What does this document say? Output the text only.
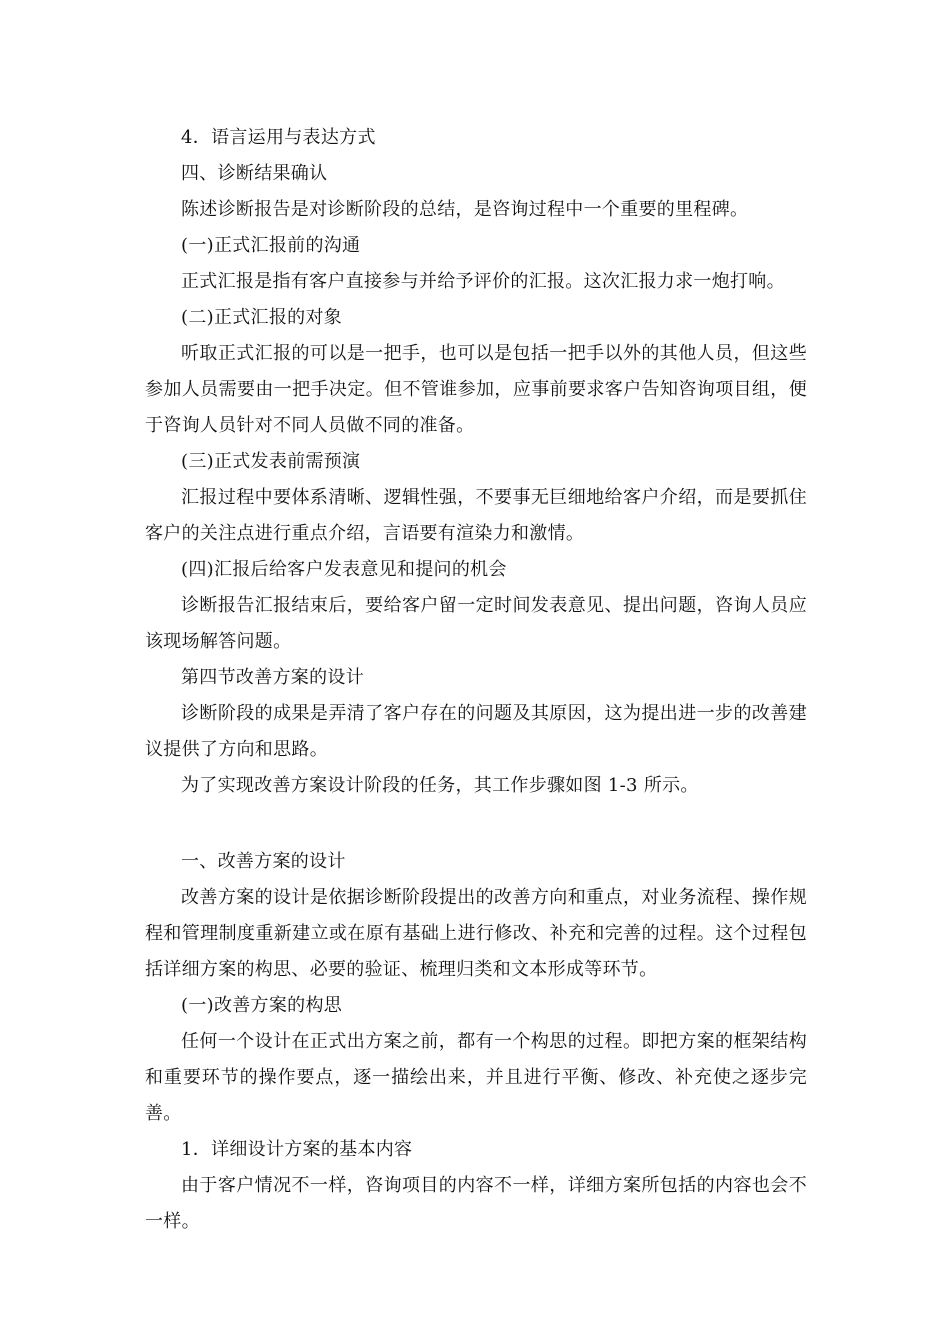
4．语言运用与表达方式

四、诊断结果确认

陈述诊断报告是对诊断阶段的总结，是咨询过程中一个重要的里程碑。

(一)正式汇报前的沟通

正式汇报是指有客户直接参与并给予评价的汇报。这次汇报力求一炮打响。

(二)正式汇报的对象

听取正式汇报的可以是一把手，也可以是包括一把手以外的其他人员，但这些参加人员需要由一把手决定。但不管谁参加，应事前要求客户告知咨询项目组，便于咨询人员针对不同人员做不同的准备。

(三)正式发表前需预演

汇报过程中要体系清晰、逻辑性强，不要事无巨细地给客户介绍，而是要抓住客户的关注点进行重点介绍，言语要有渲染力和激情。

(四)汇报后给客户发表意见和提问的机会

诊断报告汇报结束后，要给客户留一定时间发表意见、提出问题，咨询人员应该现场解答问题。

第四节改善方案的设计

诊断阶段的成果是弄清了客户存在的问题及其原因，这为提出进一步的改善建议提供了方向和思路。

为了实现改善方案设计阶段的任务，其工作步骤如图 1-3 所示。

一、改善方案的设计

改善方案的设计是依据诊断阶段提出的改善方向和重点，对业务流程、操作规程和管理制度重新建立或在原有基础上进行修改、补充和完善的过程。这个过程包括详细方案的构思、必要的验证、梳理归类和文本形成等环节。

(一)改善方案的构思

任何一个设计在正式出方案之前，都有一个构思的过程。即把方案的框架结构和重要环节的操作要点，逐一描绘出来，并且进行平衡、修改、补充使之逐步完善。

1．详细设计方案的基本内容

由于客户情况不一样，咨询项目的内容不一样，详细方案所包括的内容也会不一样。
